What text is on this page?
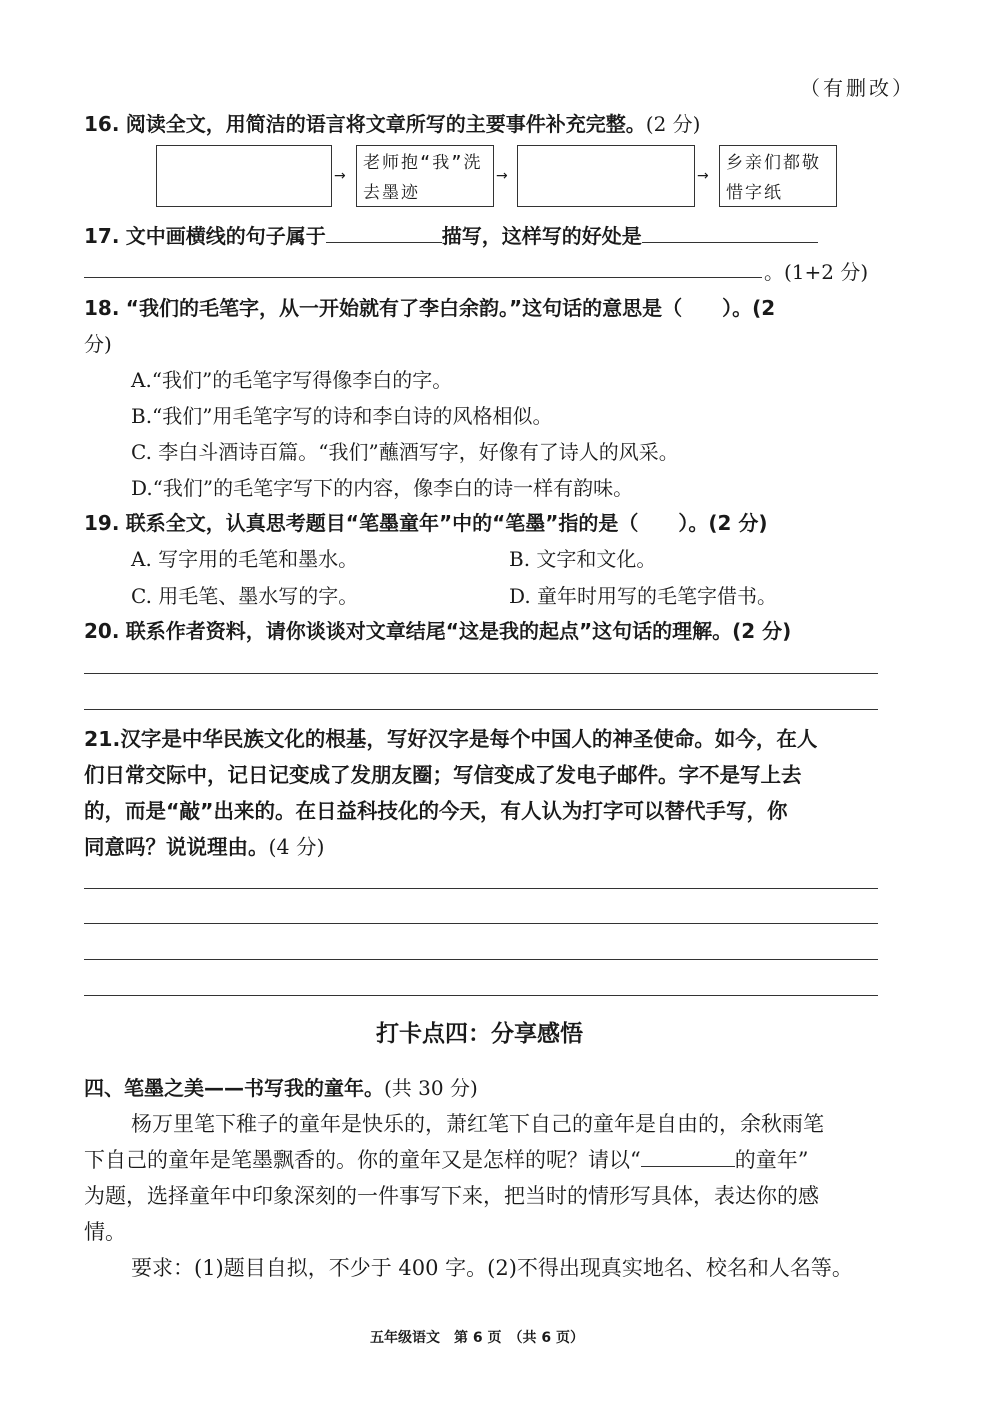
（有删改）
16. 阅读全文，用简洁的语言将文章所写的主要事件补充完整。(2 分)
→
老师抱“我”洗去墨迹
→	→
乡亲们都敬惜字纸
17. 文中画横线的句子属于	描写，这样写的好处是
。(1+2 分)
18. “我们的毛笔字，从一开始就有了李白余韵。”这句话的意思是（　　）。(2
分)
A.“我们”的毛笔字写得像李白的字。
B.“我们”用毛笔字写的诗和李白诗的风格相似。
C. 李白斗酒诗百篇。“我们”蘸酒写字，好像有了诗人的风采。
D.“我们”的毛笔字写下的内容，像李白的诗一样有韵味。
19. 联系全文，认真思考题目“笔墨童年”中的“笔墨”指的是（　　）。(2 分)
A. 写字用的毛笔和墨水。	B. 文字和文化。
C. 用毛笔、墨水写的字。	D. 童年时用写的毛笔字借书。
20. 联系作者资料，请你谈谈对文章结尾“这是我的起点”这句话的理解。(2 分)
21.汉字是中华民族文化的根基，写好汉字是每个中国人的神圣使命。如今，在人
们日常交际中，记日记变成了发朋友圈；写信变成了发电子邮件。字不是写上去
的，而是“敲”出来的。在日益科技化的今天，有人认为打字可以替代手写，你
同意吗？说说理由。(4 分)
打卡点四：分享感悟
四、笔墨之美——书写我的童年。(共 30 分)
杨万里笔下稚子的童年是快乐的，萧红笔下自己的童年是自由的，余秋雨笔
下自己的童年是笔墨飘香的。你的童年又是怎样的呢？请以“	的童年”
为题，选择童年中印象深刻的一件事写下来，把当时的情形写具体，表达你的感
情。
要求：(1)题目自拟，不少于 400 字。(2)不得出现真实地名、校名和人名等。
五年级语文　第 6 页　（共 6 页）
